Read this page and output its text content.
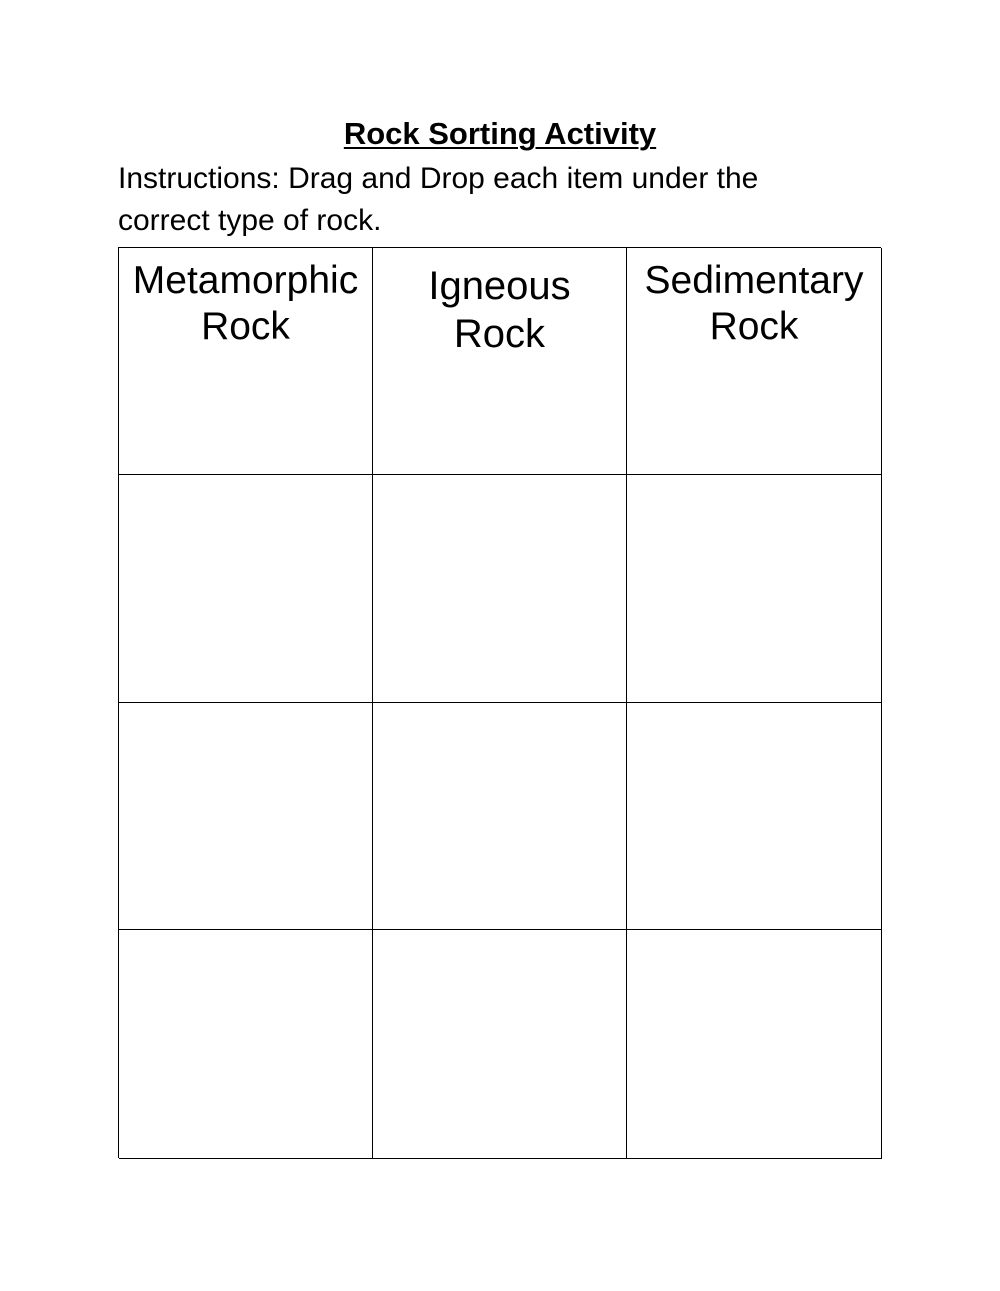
Rock Sorting Activity

Instructions: Drag and Drop each item under the correct type of rock.

Metamorphic
Rock
Igneous
Rock
Sedimentary
Rock
